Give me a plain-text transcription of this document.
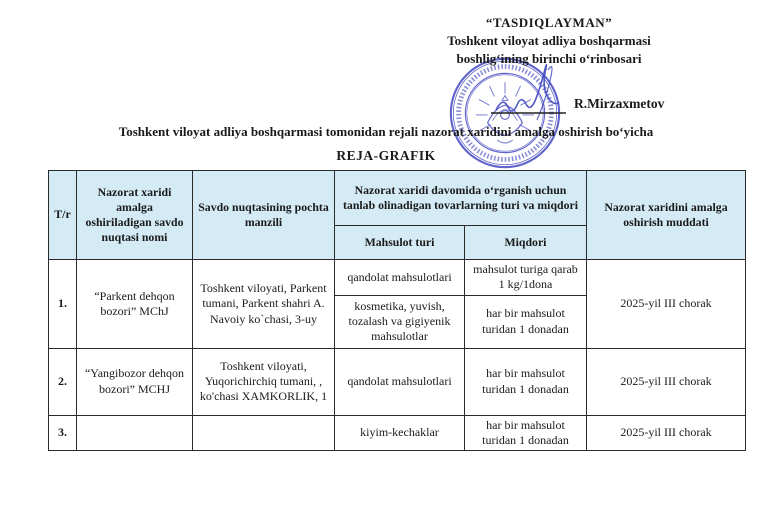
“TASDIQLAYMAN”
Toshkent viloyat adliya boshqarmasi
boshlig‘ining birinchi o‘rinbosari
R.Mirzaxmetov
Toshkent viloyat adliya boshqarmasi tomonidan rejali nazorat xaridini amalga oshirish bo‘yicha
REJA-GRAFIK
T/r	Nazorat xaridi amalga oshiriladigan savdo nuqtasi nomi	Savdo nuqtasining pochta manzili	Nazorat xaridi davomida o‘rganish uchun tanlab olinadigan tovarlarning turi va miqdori		Nazorat xaridini amalga oshirish muddati
			Mahsulot turi	Miqdori	
1.	“Parkent dehqon bozori” MChJ	Toshkent viloyati, Parkent tumani, Parkent shahri A. Navoiy ko`chasi, 3-uy	qandolat mahsulotlari	mahsulot turiga qarab 1 kg/1dona	2025-yil III chorak
			kosmetika, yuvish, tozalash va gigiyenik mahsulotlar	har bir mahsulot turidan 1 donadan	
2.	“Yangibozor dehqon bozori” MCHJ	Toshkent viloyati, Yuqorichirchiq tumani, , ko'chasi XAMKORLIK, 1	qandolat mahsulotlari	har bir mahsulot turidan 1 donadan	2025-yil III chorak
3.			kiyim-kechaklar	har bir mahsulot turidan 1 donadan	2025-yil III chorak
